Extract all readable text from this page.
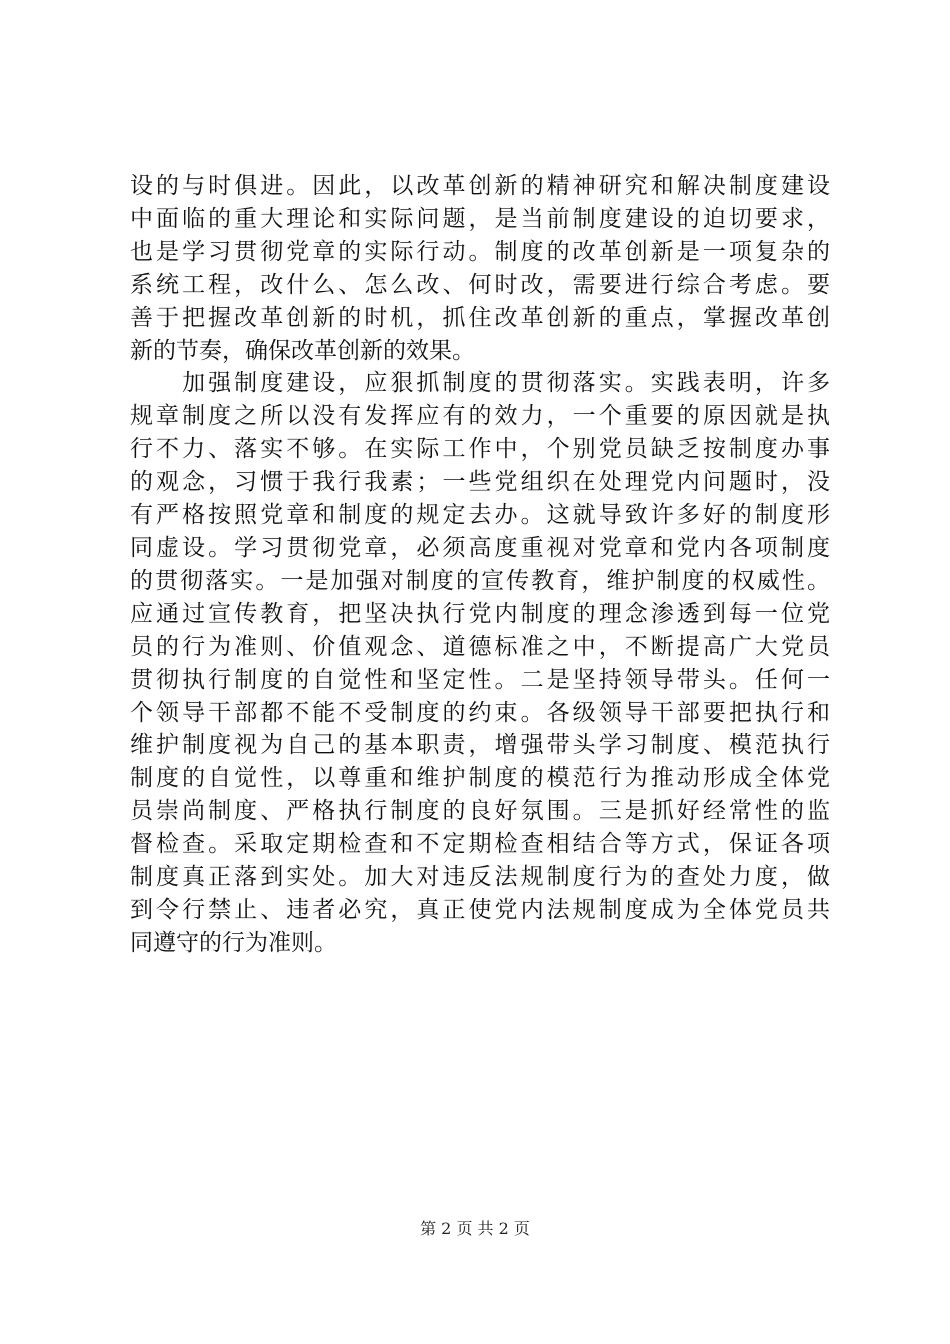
设的与时俱进。因此，以改革创新的精神研究和解决制度建设
中面临的重大理论和实际问题，是当前制度建设的迫切要求，
也是学习贯彻党章的实际行动。制度的改革创新是一项复杂的
系统工程，改什么、怎么改、何时改，需要进行综合考虑。要
善于把握改革创新的时机，抓住改革创新的重点，掌握改革创
新的节奏，确保改革创新的效果。
　　加强制度建设，应狠抓制度的贯彻落实。实践表明，许多
规章制度之所以没有发挥应有的效力，一个重要的原因就是执
行不力、落实不够。在实际工作中，个别党员缺乏按制度办事
的观念，习惯于我行我素；一些党组织在处理党内问题时，没
有严格按照党章和制度的规定去办。这就导致许多好的制度形
同虚设。学习贯彻党章，必须高度重视对党章和党内各项制度
的贯彻落实。一是加强对制度的宣传教育，维护制度的权威性。
应通过宣传教育，把坚决执行党内制度的理念渗透到每一位党
员的行为准则、价值观念、道德标准之中，不断提高广大党员
贯彻执行制度的自觉性和坚定性。二是坚持领导带头。任何一
个领导干部都不能不受制度的约束。各级领导干部要把执行和
维护制度视为自己的基本职责，增强带头学习制度、模范执行
制度的自觉性，以尊重和维护制度的模范行为推动形成全体党
员崇尚制度、严格执行制度的良好氛围。三是抓好经常性的监
督检查。采取定期检查和不定期检查相结合等方式，保证各项
制度真正落到实处。加大对违反法规制度行为的查处力度，做
到令行禁止、违者必究，真正使党内法规制度成为全体党员共
同遵守的行为准则。
第 2 页 共 2 页
